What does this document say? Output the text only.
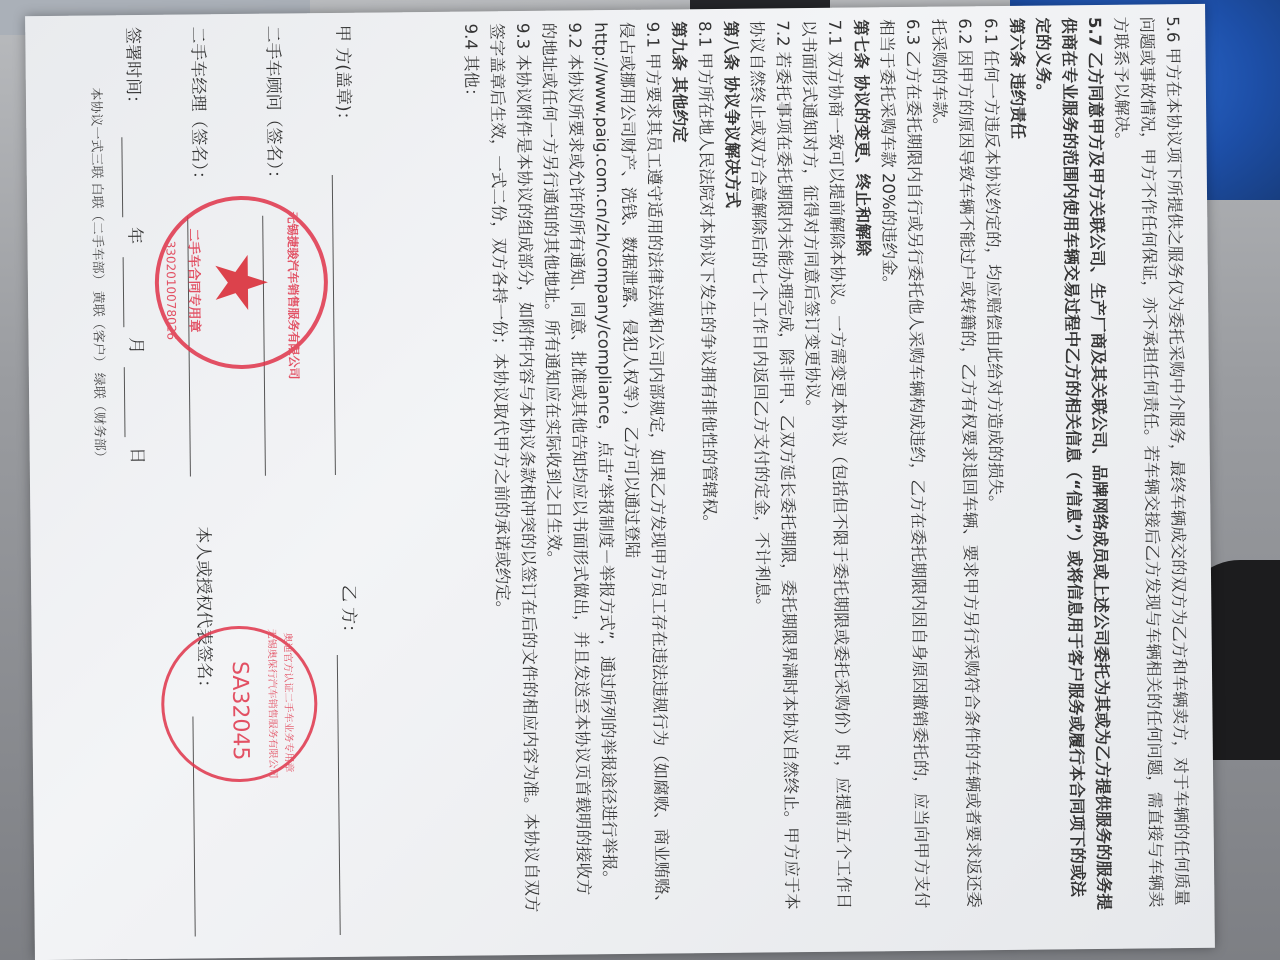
5.6 甲方在本协议项下所提供之服务仅为委托采购中介服务，最终车辆成交的双方为乙方和车辆卖方，对于车辆的任何质量
问题或事故情况，甲方不作任何保证，亦不承担任何责任。若车辆交接后乙方发现与车辆相关的任何问题，需直接与车辆卖
方联系予以解决。
5.7 乙方同意甲方及甲方关联公司、生产厂商及其关联公司、品牌网络成员或上述公司委托为其或为乙方提供服务的服务提
供商在专业服务的范围内使用车辆交易过程中乙方的相关信息（“信息”）或将信息用于客户服务或履行本合同项下的或法
定的义务。
第六条 违约责任
6.1 任何一方违反本协议约定的，均应赔偿由此给对方造成的损失。
6.2 因甲方的原因导致车辆不能过户或转籍的，乙方有权要求退回车辆、要求甲方另行采购符合条件的车辆或者要求返还委
托采购的车款。
6.3 乙方在委托期限内自行或另行委托他人采购车辆构成违约，乙方在委托期限内因自身原因撤销委托的，应当向甲方支付
相当于委托采购车款 20%的违约金。
第七条 协议的变更、终止和解除
7.1 双方协商一致可以提前解除本协议。一方需变更本协议（包括但不限于委托期限或委托采购价）时，应提前五个工作日
以书面形式通知对方，征得对方同意后签订变更协议。
7.2 若委托事项在委托期限内未能办理完成，除非甲、乙双方延长委托期限，委托期限界满时本协议自然终止。甲方应于本
协议自然终止或双方合意解除后的七个工作日内返回乙方支付的定金，不计利息。
第八条 协议争议解决方式
8.1 甲方所在地人民法院对本协议下发生的争议拥有排他性的管辖权。
第九条 其他约定
9.1 甲方要求其员工遵守适用的法律法规和公司内部规定，如果乙方发现甲方员工存在违法违规行为（如腐败、商业贿赂、
侵占或挪用公司财产、洗钱、数据泄露、侵犯人权等），乙方可以通过登陆
http://www.paig.com.cn/zh/company/compliance，点击“举报制度－举报方式”，通过所列的举报途径进行举报。
9.2 本协议所要求或允许的所有通知、同意、批准或其他告知均应以书面形式做出，并且发送至本协议页首载明的接收方
的地址或任何一方另行通知的其他地址。所有通知应在实际收到之日生效。
9.3 本协议附件是本协议的组成部分，如附件内容与本协议条款相冲突的以签订在后的文件的相应内容为准。本协议自双方
签字盖章后生效，一式二份，双方各持一份；本协议取代甲方之前的承诺或约定。
9.4 其他：
甲 方(盖章)：
乙 方：
二手车顾问（签名）：
二手车经理（签名）：
本人或授权代表签名：
签署时间：
年
月
日
本协议一式三联 白联（二手车部） 黄联（客户） 绿联（财务部） ★ 无锡捷骏汽车销售服务有限公司
二手车合同专用章
3302010078026
奥迪官方认证二手车业务专用章
无锡奥保行汽车销售服务有限公司
SA32045
